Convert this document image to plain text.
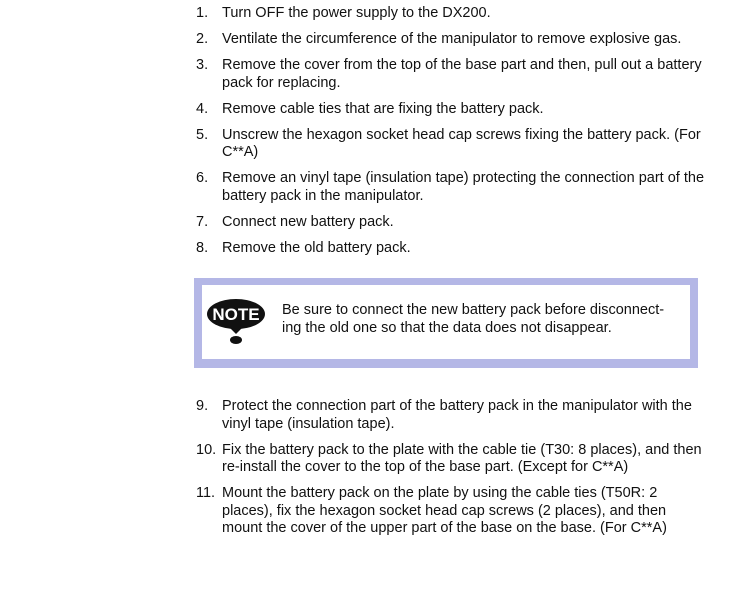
1. Turn OFF the power supply to the DX200.
2. Ventilate the circumference of the manipulator to remove explosive gas.
3. Remove the cover from the top of the base part and then, pull out a battery pack for replacing.
4. Remove cable ties that are fixing the battery pack.
5. Unscrew the hexagon socket head cap screws fixing the battery pack. (For C**A)
6. Remove an vinyl tape (insulation tape) protecting the connection part of the battery pack in the manipulator.
7. Connect new battery pack.
8. Remove the old battery pack.
NOTE Be sure to connect the new battery pack before disconnect-
ing the old one so that the data does not disappear.
9. Protect the connection part of the battery pack in the manipulator with the vinyl tape (insulation tape).
10. Fix the battery pack to the plate with the cable tie (T30: 8 places), and then re-install the cover to the top of the base part. (Except for C**A)
11. Mount the battery pack on the plate by using the cable ties (T50R: 2 places), fix the hexagon socket head cap screws (2 places), and then mount the cover of the upper part of the base on the base. (For C**A)
